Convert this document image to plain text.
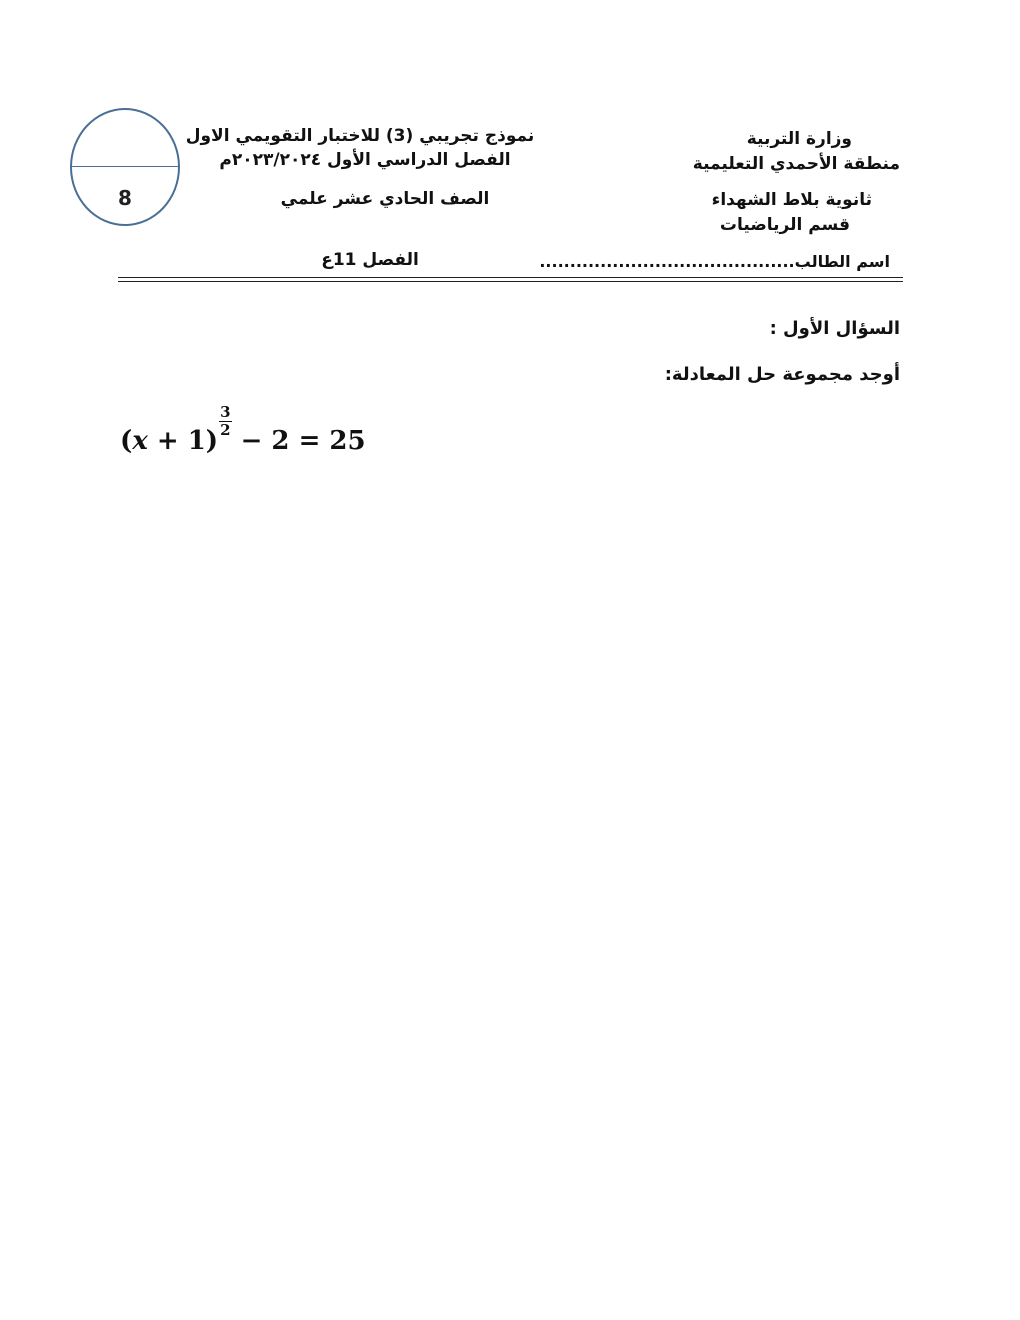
8
نموذج تجريبي (3) للاختبار التقويمي الاول
الفصل الدراسي الأول ٢٠٢٣/٢٠٢٤م
الصف الحادي عشر علمي
الفصل 11ع
وزارة التربية
منطقة الأحمدي التعليمية
ثانوية بلاط الشهداء
قسم الرياضيات
اسم الطالب..........................................
السؤال الأول :
أوجد مجموعة حل المعادلة:
(x + 1)
$\frac{3}{2}$
− 2 = 25
